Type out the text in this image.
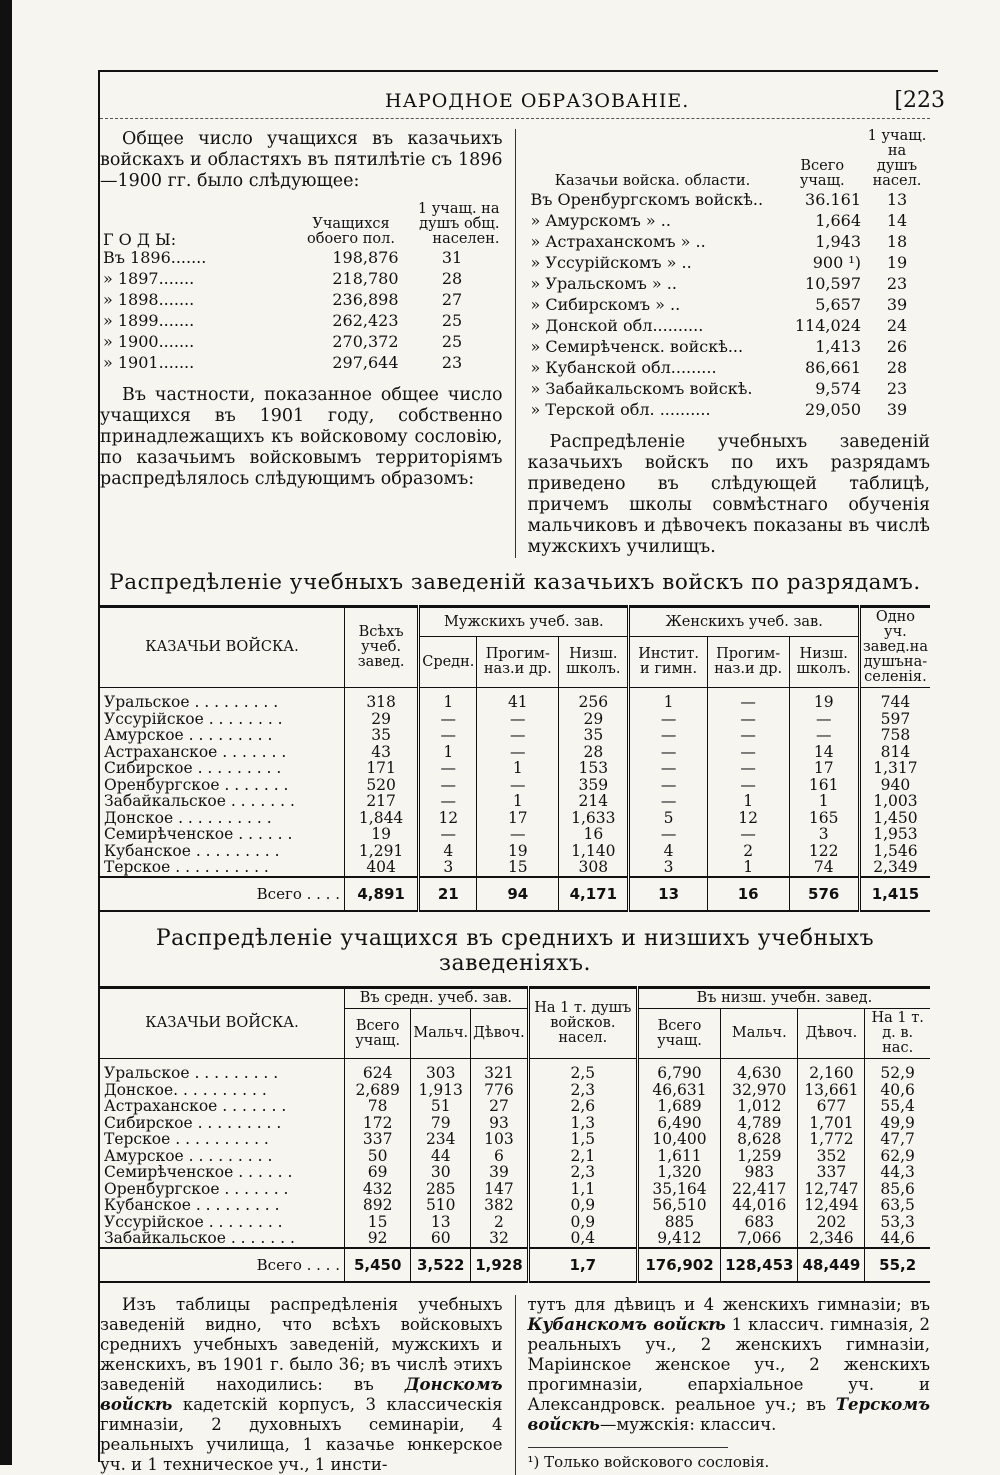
НАРОДНОЕ ОБРАЗОВАНІЕ.	[223

Общее число учащихся въ казачьихъ войскахъ и областяхъ въ пятилѣтіе съ 1896—1900 гг. было слѣдующее:

Г О Д Ы:	Учащихся обоего пол.	1 учащ. на душъ общ. населен.
Въ 1896.......	198,876	31
» 1897.......	218,780	28
» 1898.......	236,898	27
» 1899.......	262,423	25
» 1900.......	270,372	25
» 1901.......	297,644	23

Въ частности, показанное общее число учащихся въ 1901 году, собственно принадлежащихъ къ войсковому сословію, по казачьимъ войсковымъ территоріямъ распредѣлялось слѣдующимъ образомъ:

Казачьи войска. области.	Всего учащ.	1 учащ. на душъ насел.
Въ Оренбургскомъ войскѣ..	36.161	13
» Амурскомъ » ..	1,664	14
» Астраханскомъ » ..	1,943	18
» Уссурійскомъ » ..	900 ¹)	19
» Уральскомъ » ..	10,597	23
» Сибирскомъ » ..	5,657	39
» Донской обл..........	114,024	24
» Семирѣченск. войскѣ...	1,413	26
» Кубанской обл.........	86,661	28
» Забайкальскомъ войскѣ.	9,574	23
» Терской обл. ..........	29,050	39

Распредѣленіе учебныхъ заведеній казачьихъ войскъ по ихъ разрядамъ приведено въ слѣдующей таблицѣ, причемъ школы совмѣстнаго обученія мальчиковъ и дѣвочекъ показаны въ числѣ мужскихъ училищъ.

Распредѣленіе учебныхъ заведеній казачьихъ войскъ по разрядамъ.
КАЗАЧЬИ ВОЙСКА.	Всѣхъ учеб. завед.	Мужскихъ учеб. зав.			Женскихъ учеб. зав.			Одно уч. завед.на душъна-селенія.
		Средн.	Прогим-наз.и др.	Низш. школъ.	Инстит. и гимн.	Прогим-наз.и др.	Низш. школъ.	
Уральское . . . . . . . . .	318	1	41	256	1	—	19	744
Уссурійское . . . . . . . .	29	—	—	29	—	—	—	597
Амурское . . . . . . . . .	35	—	—	35	—	—	—	758
Астраханское . . . . . . .	43	1	—	28	—	—	14	814
Сибирское . . . . . . . . .	171	—	1	153	—	—	17	1,317
Оренбургское . . . . . . .	520	—	—	359	—	—	161	940
Забайкальское . . . . . . .	217	—	1	214	—	1	1	1,003
Донское . . . . . . . . . .	1,844	12	17	1,633	5	12	165	1,450
Семирѣченское . . . . . .	19	—	—	16	—	—	3	1,953
Кубанское . . . . . . . . .	1,291	4	19	1,140	4	2	122	1,546
Терское . . . . . . . . . .	404	3	15	308	3	1	74	2,349
Всего . . . .	4,891	21	94	4,171	13	16	576	1,415
Распредѣленіе учащихся въ среднихъ и низшихъ учебныхъ заведеніяхъ.
КАЗАЧЬИ ВОЙСКА.	Въ средн. учеб. зав.			На 1 т. душъ войсков. насел.	Въ низш. учебн. завед.			
	Всего учащ.	Мальч.	Дѣвоч.		Всего учащ.	Мальч.	Дѣвоч.	На 1 т. д. в. нас.
Уральское . . . . . . . . .	624	303	321	2,5	6,790	4,630	2,160	52,9
Донское. . . . . . . . . .	2,689	1,913	776	2,3	46,631	32,970	13,661	40,6
Астраханское . . . . . . .	78	51	27	2,6	1,689	1,012	677	55,4
Сибирское . . . . . . . . .	172	79	93	1,3	6,490	4,789	1,701	49,9
Терское . . . . . . . . . .	337	234	103	1,5	10,400	8,628	1,772	47,7
Амурское . . . . . . . . .	50	44	6	2,1	1,611	1,259	352	62,9
Семирѣченское . . . . . .	69	30	39	2,3	1,320	983	337	44,3
Оренбургское . . . . . . .	432	285	147	1,1	35,164	22,417	12,747	85,6
Кубанское . . . . . . . . .	892	510	382	0,9	56,510	44,016	12,494	63,5
Уссурійское . . . . . . . .	15	13	2	0,9	885	683	202	53,3
Забайкальское . . . . . . .	92	60	32	0,4	9,412	7,066	2,346	44,6
Всего . . . .	5,450	3,522	1,928	1,7	176,902	128,453	48,449	55,2

Изъ таблицы распредѣленія учебныхъ заведеній видно, что всѣхъ войсковыхъ среднихъ учебныхъ заведеній, мужскихъ и женскихъ, въ 1901 г. было 36; въ числѣ этихъ заведеній находились: въ Донскомъ войскѣ кадетскій корпусъ, 3 классическія гимназіи, 2 духовныхъ семинаріи, 4 реальныхъ училища, 1 казачье юнкерское уч. и 1 техническое уч., 1 инсти-

тутъ для дѣвицъ и 4 женскихъ гимназіи; въ Кубанскомъ войскѣ 1 классич. гимназія, 2 реальныхъ уч., 2 женскихъ гимназіи, Маріинское женское уч., 2 женскихъ прогимназіи, епархіальное уч. и Александровск. реальное уч.; въ Терскомъ войскѣ—мужскія: классич.

¹) Только войскового сословія.
